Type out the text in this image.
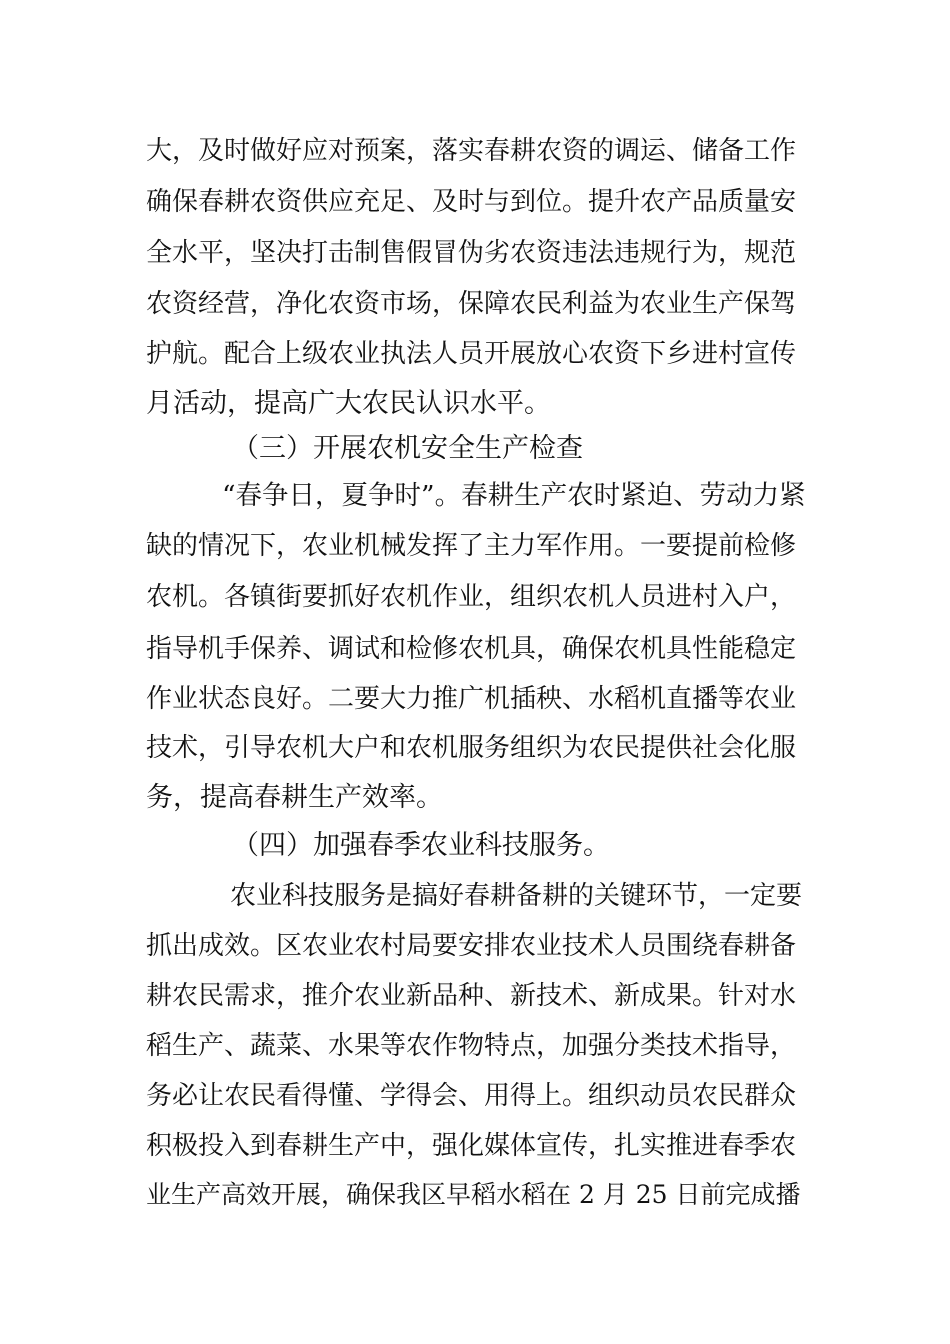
大，及时做好应对预案，落实春耕农资的调运、储备工作
确保春耕农资供应充足、及时与到位。提升农产品质量安
全水平，坚决打击制售假冒伪劣农资违法违规行为，规范
农资经营，净化农资市场，保障农民利益为农业生产保驾
护航。配合上级农业执法人员开展放心农资下乡进村宣传
月活动，提高广大农民认识水平。
（三）开展农机安全生产检查
“春争日，夏争时”。春耕生产农时紧迫、劳动力紧
缺的情况下，农业机械发挥了主力军作用。一要提前检修
农机。各镇街要抓好农机作业，组织农机人员进村入户，
指导机手保养、调试和检修农机具，确保农机具性能稳定
作业状态良好。二要大力推广机插秧、水稻机直播等农业
技术，引导农机大户和农机服务组织为农民提供社会化服
务，提高春耕生产效率。
（四）加强春季农业科技服务。
农业科技服务是搞好春耕备耕的关键环节，一定要
抓出成效。区农业农村局要安排农业技术人员围绕春耕备
耕农民需求，推介农业新品种、新技术、新成果。针对水
稻生产、蔬菜、水果等农作物特点，加强分类技术指导，
务必让农民看得懂、学得会、用得上。组织动员农民群众
积极投入到春耕生产中，强化媒体宣传，扎实推进春季农
业生产高效开展，确保我区早稻水稻在 2 月 25 日前完成播
